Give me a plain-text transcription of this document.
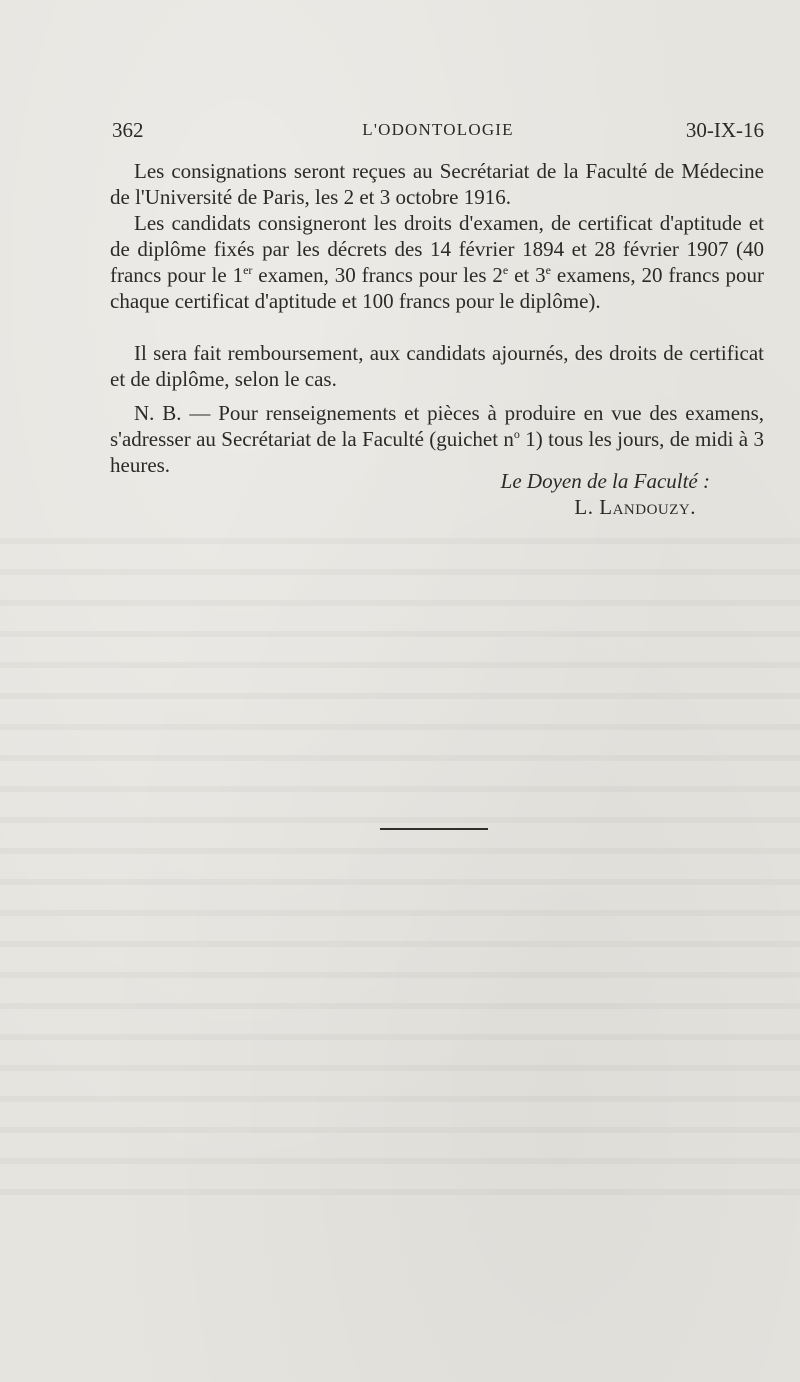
362	L'ODONTOLOGIE	30-IX-16

Les consignations seront reçues au Secrétariat de la Faculté de Médecine de l'Université de Paris, les 2 et 3 octobre 1916.

Les candidats consigneront les droits d'examen, de certificat d'aptitude et de diplôme fixés par les décrets des 14 février 1894 et 28 février 1907 (40 francs pour le 1er examen, 30 francs pour les 2e et 3e examens, 20 francs pour chaque certificat d'aptitude et 100 francs pour le diplôme).

Il sera fait remboursement, aux candidats ajournés, des droits de certificat et de diplôme, selon le cas.

N. B. — Pour renseignements et pièces à produire en vue des examens, s'adresser au Secrétariat de la Faculté (guichet $n^o$ 1) tous les jours, de midi à 3 heures.

Le Doyen de la Faculté :
L. Landouzy.
